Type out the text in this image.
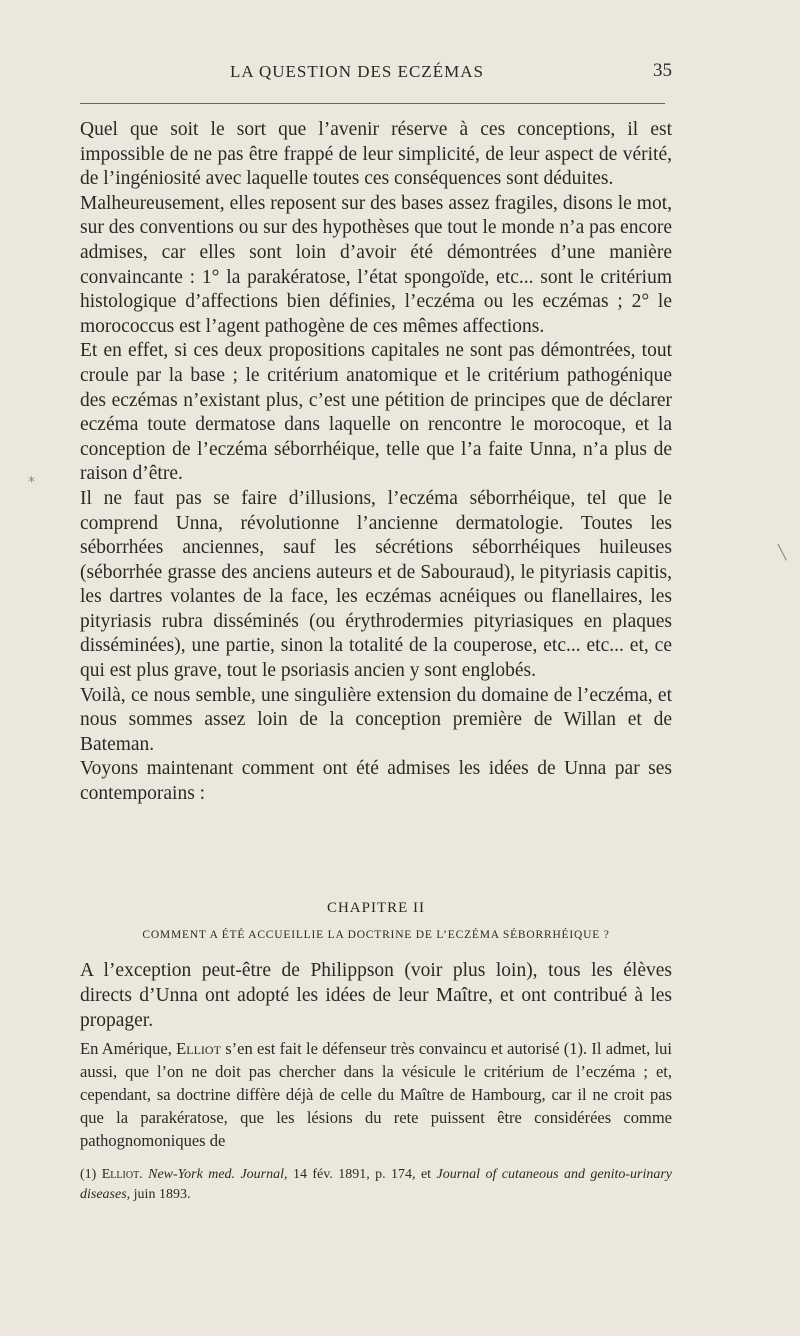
LA QUESTION DES ECZÉMAS	35

Quel que soit le sort que l’avenir réserve à ces conceptions, il est impossible de ne pas être frappé de leur simplicité, de leur aspect de vérité, de l’ingéniosité avec laquelle toutes ces conséquences sont déduites.

Malheureusement, elles reposent sur des bases assez fragiles, disons le mot, sur des conventions ou sur des hypothèses que tout le monde n’a pas encore admises, car elles sont loin d’avoir été démontrées d’une manière convaincante : 1° la parakératose, l’état spongoïde, etc... sont le critérium histologique d’affections bien définies, l’eczéma ou les eczémas ; 2° le morococcus est l’agent pathogène de ces mêmes affections.

Et en effet, si ces deux propositions capitales ne sont pas démontrées, tout croule par la base ; le critérium anatomique et le critérium pathogénique des eczémas n’existant plus, c’est une pétition de principes que de déclarer eczéma toute dermatose dans laquelle on rencontre le morocoque, et la conception de l’eczéma séborrhéique, telle que l’a faite Unna, n’a plus de raison d’être.

Il ne faut pas se faire d’illusions, l’eczéma séborrhéique, tel que le comprend Unna, révolutionne l’ancienne dermatologie. Toutes les séborrhées anciennes, sauf les sécrétions séborrhéiques huileuses (séborrhée grasse des anciens auteurs et de Sabouraud), le pityriasis capitis, les dartres volantes de la face, les eczémas acnéiques ou flanellaires, les pityriasis rubra disséminés (ou érythrodermies pityriasiques en plaques disséminées), une partie, sinon la totalité de la couperose, etc... etc... et, ce qui est plus grave, tout le psoriasis ancien y sont englobés.

Voilà, ce nous semble, une singulière extension du domaine de l’eczéma, et nous sommes assez loin de la conception première de Willan et de Bateman.

Voyons maintenant comment ont été admises les idées de Unna par ses contemporains :

CHAPITRE II

COMMENT A ÉTÉ ACCUEILLIE LA DOCTRINE DE L’ECZÉMA SÉBORRHÉIQUE ?

A l’exception peut-être de Philippson (voir plus loin), tous les élèves directs d’Unna ont adopté les idées de leur Maître, et ont contribué à les propager.
En Amérique, Elliot s’en est fait le défenseur très convaincu et autorisé (1). Il admet, lui aussi, que l’on ne doit pas chercher dans la vésicule le critérium de l’eczéma ; et, cependant, sa doctrine diffère déjà de celle du Maître de Hambourg, car il ne croit pas que la parakératose, que les lésions du rete puissent être considérées comme pathognomoniques de
(1) Elliot. New-York med. Journal, 14 fév. 1891, p. 174, et Journal of cutaneous and genito-urinary diseases, juin 1893.
⁎
╲
